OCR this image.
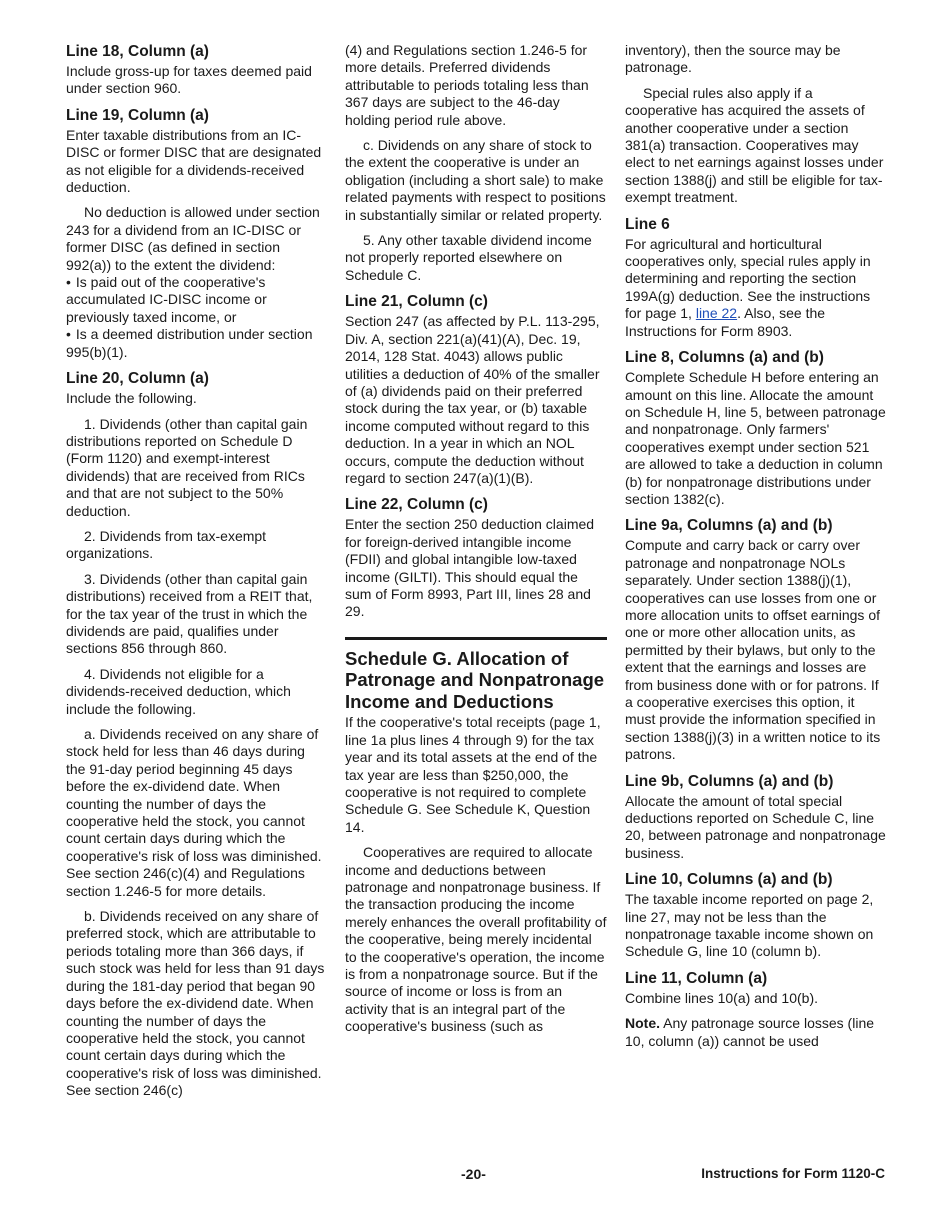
Line 18, Column (a)
Include gross-up for taxes deemed paid under section 960.
Line 19, Column (a)
Enter taxable distributions from an IC-DISC or former DISC that are designated as not eligible for a dividends-received deduction.
No deduction is allowed under section 243 for a dividend from an IC-DISC or former DISC (as defined in section 992(a)) to the extent the dividend:
• Is paid out of the cooperative's accumulated IC-DISC income or previously taxed income, or
• Is a deemed distribution under section 995(b)(1).
Line 20, Column (a)
Include the following.
1. Dividends (other than capital gain distributions reported on Schedule D (Form 1120) and exempt-interest dividends) that are received from RICs and that are not subject to the 50% deduction.
2. Dividends from tax-exempt organizations.
3. Dividends (other than capital gain distributions) received from a REIT that, for the tax year of the trust in which the dividends are paid, qualifies under sections 856 through 860.
4. Dividends not eligible for a dividends-received deduction, which include the following.
a. Dividends received on any share of stock held for less than 46 days during the 91-day period beginning 45 days before the ex-dividend date. When counting the number of days the cooperative held the stock, you cannot count certain days during which the cooperative's risk of loss was diminished. See section 246(c)(4) and Regulations section 1.246-5 for more details.
b. Dividends received on any share of preferred stock, which are attributable to periods totaling more than 366 days, if such stock was held for less than 91 days during the 181-day period that began 90 days before the ex-dividend date. When counting the number of days the cooperative held the stock, you cannot count certain days during which the cooperative's risk of loss was diminished. See section 246(c)
(4) and Regulations section 1.246-5 for more details. Preferred dividends attributable to periods totaling less than 367 days are subject to the 46-day holding period rule above.
c. Dividends on any share of stock to the extent the cooperative is under an obligation (including a short sale) to make related payments with respect to positions in substantially similar or related property.
5. Any other taxable dividend income not properly reported elsewhere on Schedule C.
Line 21, Column (c)
Section 247 (as affected by P.L. 113-295, Div. A, section 221(a)(41)(A), Dec. 19, 2014, 128 Stat. 4043) allows public utilities a deduction of 40% of the smaller of (a) dividends paid on their preferred stock during the tax year, or (b) taxable income computed without regard to this deduction. In a year in which an NOL occurs, compute the deduction without regard to section 247(a)(1)(B).
Line 22, Column (c)
Enter the section 250 deduction claimed for foreign-derived intangible income (FDII) and global intangible low-taxed income (GILTI). This should equal the sum of Form 8993, Part III, lines 28 and 29.
Schedule G. Allocation of Patronage and Nonpatronage Income and Deductions
If the cooperative's total receipts (page 1, line 1a plus lines 4 through 9) for the tax year and its total assets at the end of the tax year are less than $250,000, the cooperative is not required to complete Schedule G. See Schedule K, Question 14.
Cooperatives are required to allocate income and deductions between patronage and nonpatronage business. If the transaction producing the income merely enhances the overall profitability of the cooperative, being merely incidental to the cooperative's operation, the income is from a nonpatronage source. But if the source of income or loss is from an activity that is an integral part of the cooperative's business (such as
inventory), then the source may be patronage.
Special rules also apply if a cooperative has acquired the assets of another cooperative under a section 381(a) transaction. Cooperatives may elect to net earnings against losses under section 1388(j) and still be eligible for tax-exempt treatment.
Line 6
For agricultural and horticultural cooperatives only, special rules apply in determining and reporting the section 199A(g) deduction. See the instructions for page 1, line 22. Also, see the Instructions for Form 8903.
Line 8, Columns (a) and (b)
Complete Schedule H before entering an amount on this line. Allocate the amount on Schedule H, line 5, between patronage and nonpatronage. Only farmers' cooperatives exempt under section 521 are allowed to take a deduction in column (b) for nonpatronage distributions under section 1382(c).
Line 9a, Columns (a) and (b)
Compute and carry back or carry over patronage and nonpatronage NOLs separately. Under section 1388(j)(1), cooperatives can use losses from one or more allocation units to offset earnings of one or more other allocation units, as permitted by their bylaws, but only to the extent that the earnings and losses are from business done with or for patrons. If a cooperative exercises this option, it must provide the information specified in section 1388(j)(3) in a written notice to its patrons.
Line 9b, Columns (a) and (b)
Allocate the amount of total special deductions reported on Schedule C, line 20, between patronage and nonpatronage business.
Line 10, Columns (a) and (b)
The taxable income reported on page 2, line 27, may not be less than the nonpatronage taxable income shown on Schedule G, line 10 (column b).
Line 11, Column (a)
Combine lines 10(a) and 10(b).
Note. Any patronage source losses (line 10, column (a)) cannot be used
-20-	Instructions for Form 1120-C
